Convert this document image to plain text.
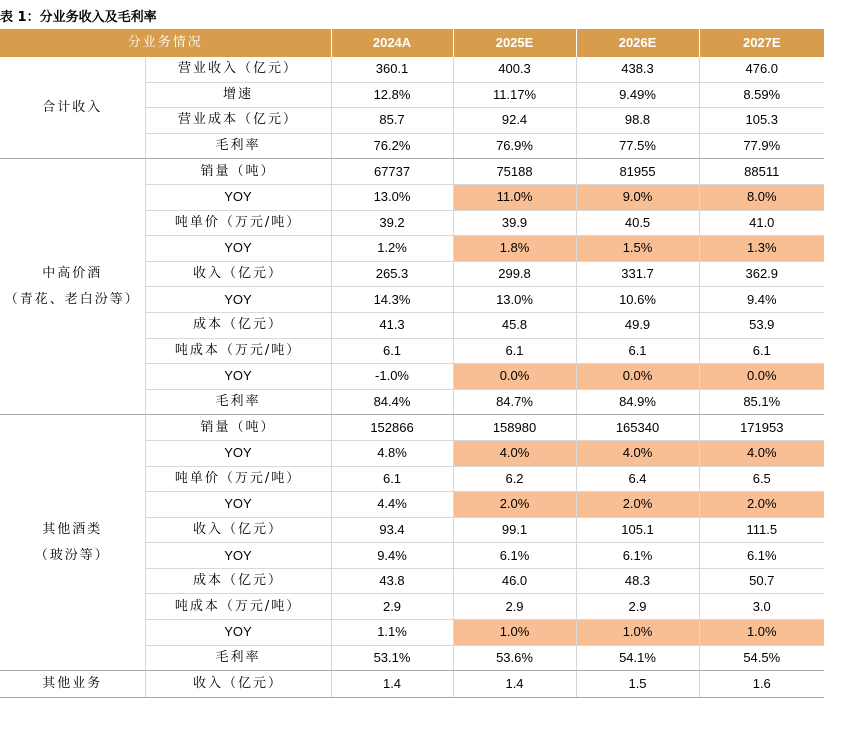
表 1：分业务收入及毛利率
分业务情况		2024A	2025E	2026E	2027E
合计收入	营业收入（亿元）	360.1	400.3	438.3	476.0
	增速	12.8%	11.17%	9.49%	8.59%
	营业成本（亿元）	85.7	92.4	98.8	105.3
	毛利率	76.2%	76.9%	77.5%	77.9%
中高价酒
（青花、老白汾等）	销量（吨）	67737	75188	81955	88511
	YOY	13.0%	11.0%	9.0%	8.0%
	吨单价（万元/吨）	39.2	39.9	40.5	41.0
	YOY	1.2%	1.8%	1.5%	1.3%
	收入（亿元）	265.3	299.8	331.7	362.9
	YOY	14.3%	13.0%	10.6%	9.4%
	成本（亿元）	41.3	45.8	49.9	53.9
	吨成本（万元/吨）	6.1	6.1	6.1	6.1
	YOY	-1.0%	0.0%	0.0%	0.0%
	毛利率	84.4%	84.7%	84.9%	85.1%
其他酒类
（玻汾等）	销量（吨）	152866	158980	165340	171953
	YOY	4.8%	4.0%	4.0%	4.0%
	吨单价（万元/吨）	6.1	6.2	6.4	6.5
	YOY	4.4%	2.0%	2.0%	2.0%
	收入（亿元）	93.4	99.1	105.1	111.5
	YOY	9.4%	6.1%	6.1%	6.1%
	成本（亿元）	43.8	46.0	48.3	50.7
	吨成本（万元/吨）	2.9	2.9	2.9	3.0
	YOY	1.1%	1.0%	1.0%	1.0%
	毛利率	53.1%	53.6%	54.1%	54.5%
其他业务	收入（亿元）	1.4	1.4	1.5	1.6
